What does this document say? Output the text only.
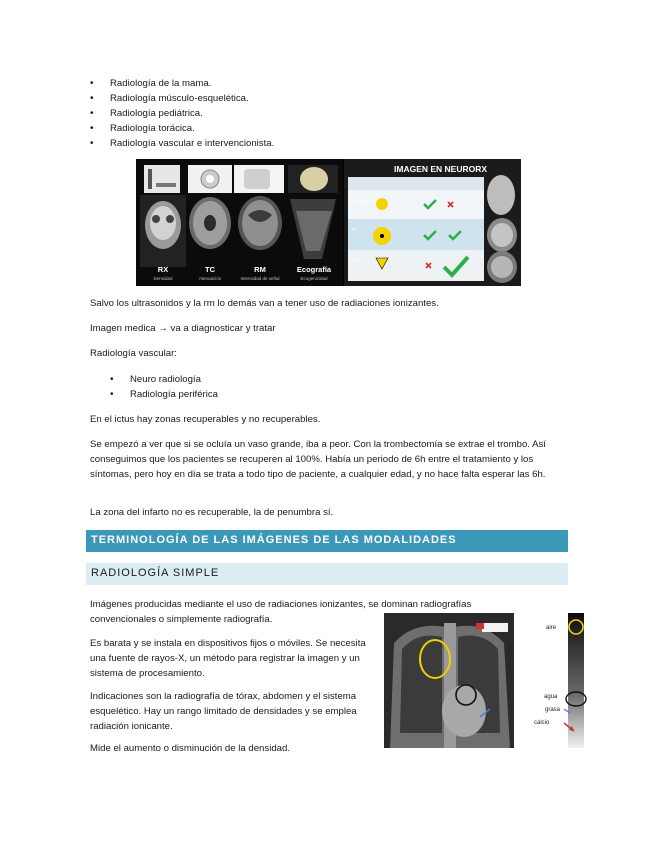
Radiología de la mama.
Radiología músculo-esquelética.
Radiología pediátrica.
Radiología torácica.
Radiología vascular e intervencionista.
RX
Densidad
TC
Atenuación
RM
Intensidad de señal
Ecografía
Ecogenicidad
IMAGEN EN NEURORX
RX Simple
TC
RM
Salvo los ultrasonidos y la rm lo demás van a tener uso de radiaciones ionizantes.
Imagen medica → va a diagnosticar y tratar
Radiología vascular:
Neuro radiología
Radiología periférica
En el ictus hay zonas recuperables y no recuperables.
Se empezó a ver que si se ocluía un vaso grande, iba a peor. Con la trombectomía se extrae el trombo. Así conseguimos que los pacientes se recuperen al 100%. Había un periodo de 6h entre el tratamiento y los síntomas, pero hoy en día se trata a todo tipo de paciente, a cualquier edad, y no hace falta esperar las 6h.
La zona del infarto no es recuperable, la de penumbra sí.
TERMINOLOGÍA DE LAS IMÁGENES DE LAS MODALIDADES
RADIOLOGÍA SIMPLE
Imágenes producidas mediante el uso de radiaciones ionizantes, se dominan radiografías convencionales o simplemente radiografía.
Es barata y se instala en dispositivos fijos o móviles. Se necesita una fuente de rayos-X, un método para registrar la imagen y un sistema de procesamiento.
Indicaciones son la radiografía de tórax, abdomen y el sistema esquelético. Hay un rango limitado de densidades y se emplea radiación ionicante.
Mide el aumento o disminución de la densidad.
aire
agua
grasa
calcio
